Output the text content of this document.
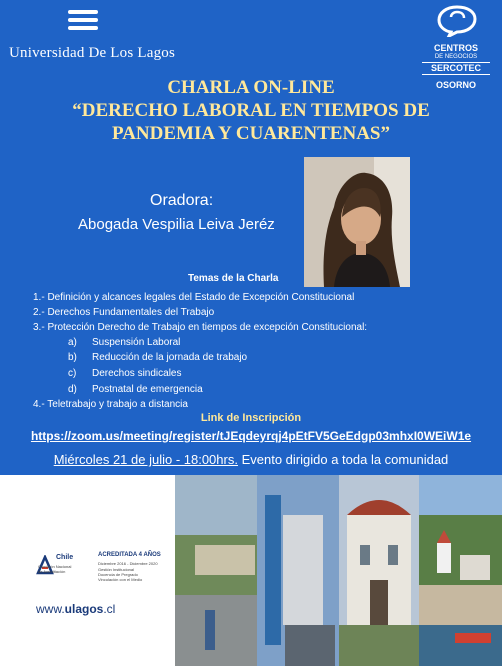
Universidad De Los Lagos	CENTROS
DE NEGOCIOS
SERCOTEC
OSORNO
CHARLA ON-LINE
“DERECHO LABORAL EN TIEMPOS DE
PANDEMIA Y CUARENTENAS”
Oradora:
Abogada Vespilia Leiva Jeréz
Temas de la Charla
1.- Definición y alcances legales del Estado de Excepción Constitucional
2.- Derechos Fundamentales del Trabajo
3.- Protección Derecho de Trabajo en tiempos de excepción Constitucional:
a) Suspensión Laboral
b) Reducción de la jornada de trabajo
c) Derechos sindicales
d) Postnatal de emergencia
4.- Teletrabajo y trabajo a distancia
Link de Inscripción
https://zoom.us/meeting/register/tJEqdeyrqj4pEtFV5GeEdgp03mhxI0WEiW1e
Miércoles 21 de julio - 18:00hrs. Evento dirigido a toda la comunidad
Chile	ACREDITADA 4 AÑOS
Comisión Nacional
de Acreditación
Diciembre 2016 - Diciembre 2020
Gestión Institucional
Docencia de Pregrado
Vinculación con el Medio
www.ulagos.cl
